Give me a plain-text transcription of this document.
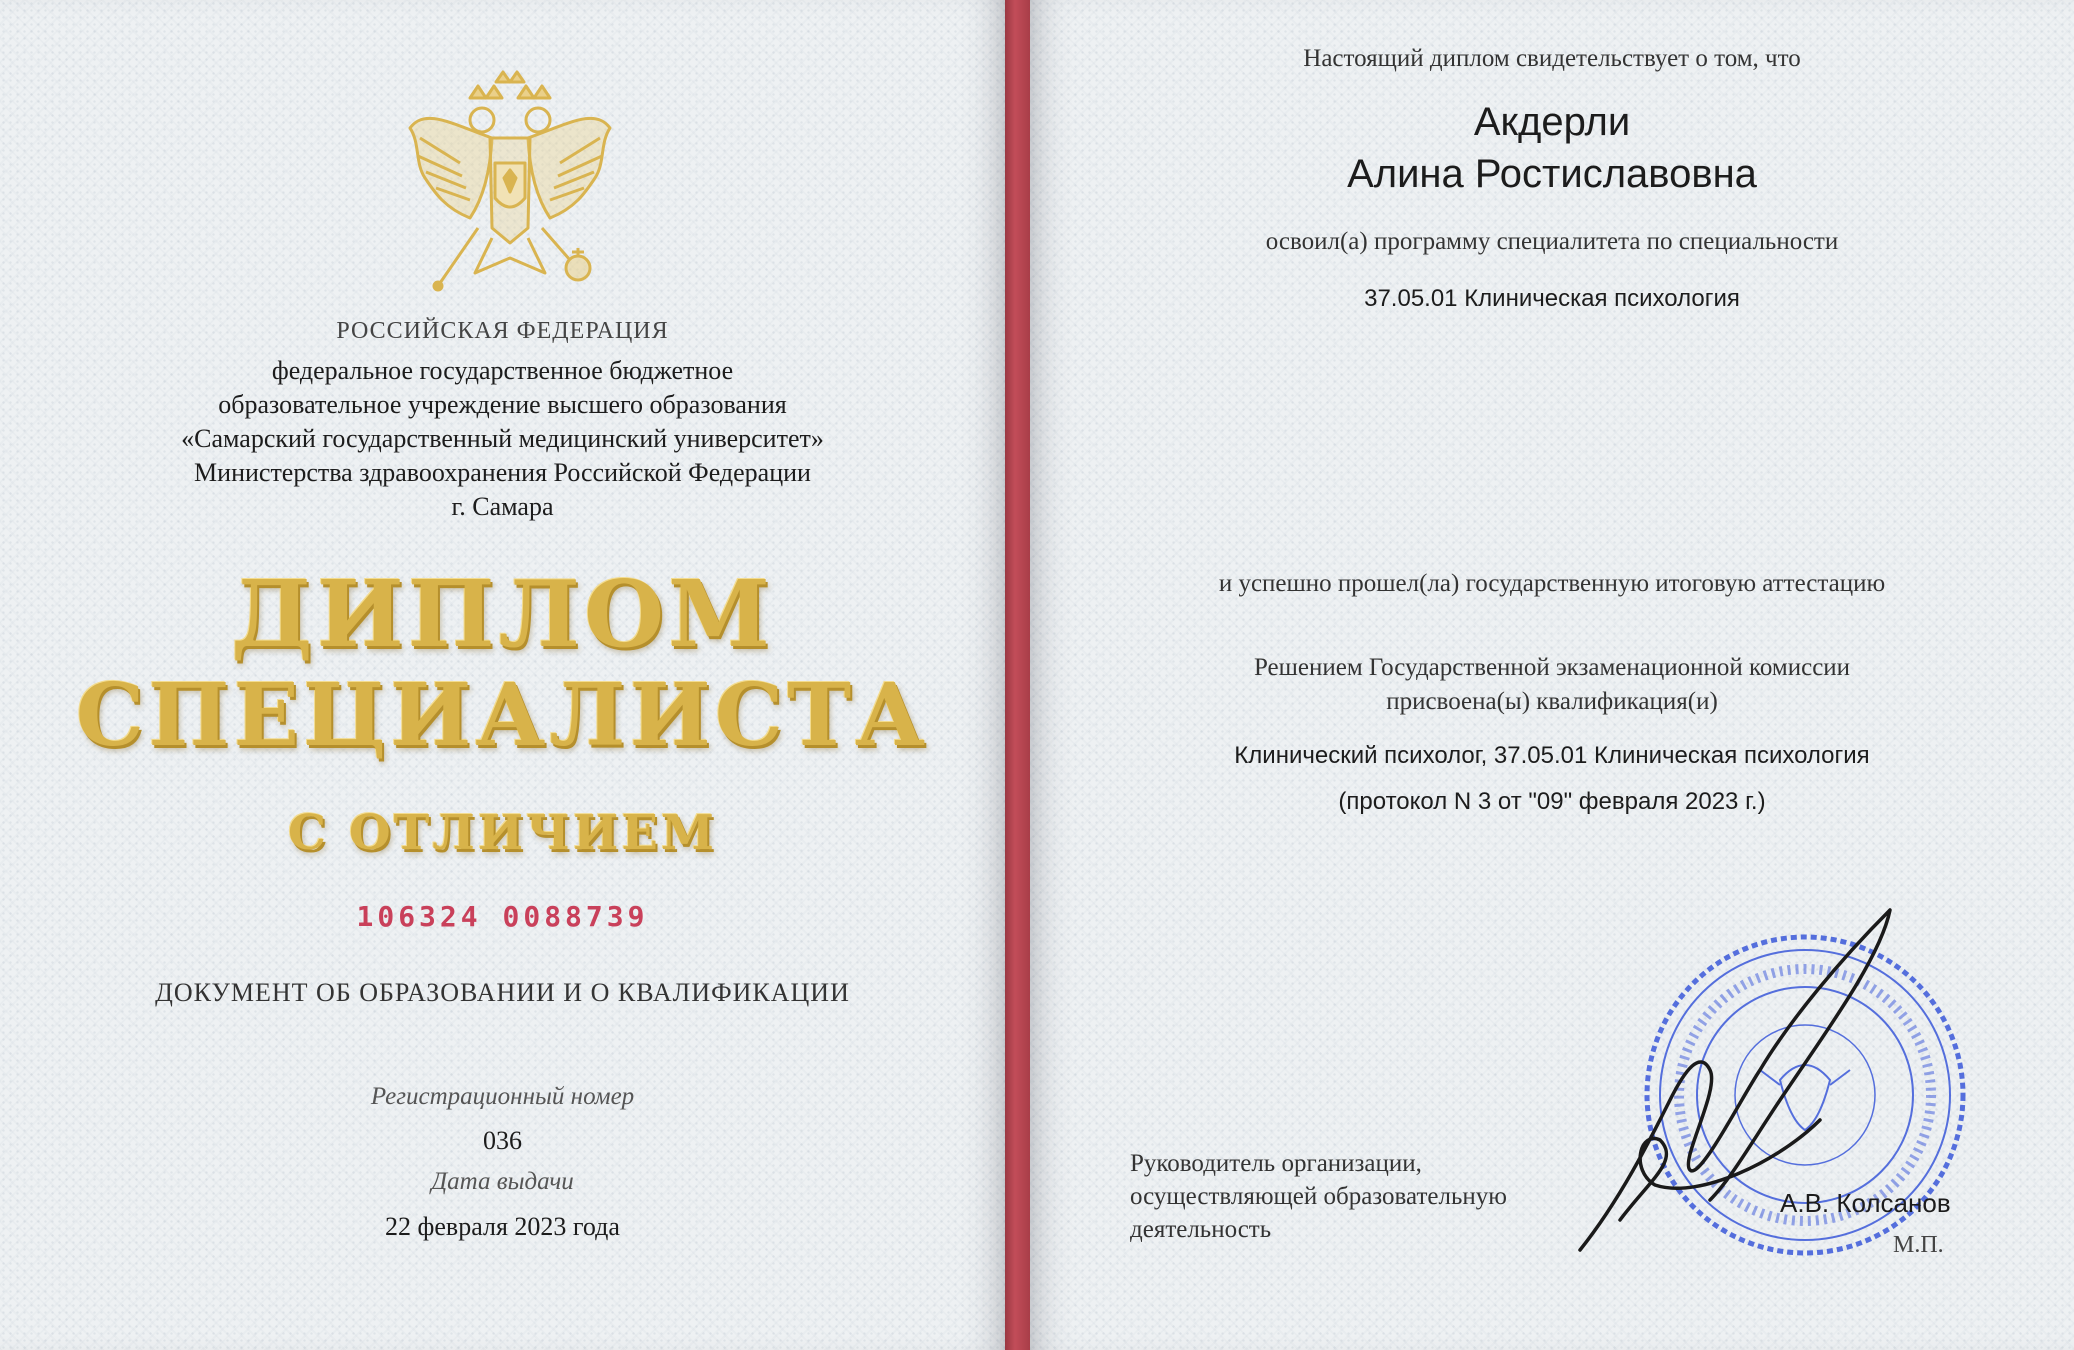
РОССИЙСКАЯ ФЕДЕРАЦИЯ
федеральное государственное бюджетное
образовательное учреждение высшего образования
«Самарский государственный медицинский университет»
Министерства здравоохранения Российской Федерации
г. Самара
ДИПЛОМ
СПЕЦИАЛИСТА
С ОТЛИЧИЕМ
106324 0088739
ДОКУМЕНТ ОБ ОБРАЗОВАНИИ И О КВАЛИФИКАЦИИ
Регистрационный номер
036
Дата выдачи
22 февраля 2023 года
Настоящий диплом свидетельствует о том, что
Акдерли
Алина Ростиславовна
освоил(а) программу специалитета по специальности
37.05.01 Клиническая психология
и успешно прошел(ла) государственную итоговую аттестацию
Решением Государственной экзаменационной комиссии
присвоена(ы) квалификация(и)
Клинический психолог, 37.05.01 Клиническая психология
(протокол N 3 от "09" февраля 2023 г.)
Руководитель организации,
осуществляющей образовательную
деятельность
А.В. Колсанов
М.П.
